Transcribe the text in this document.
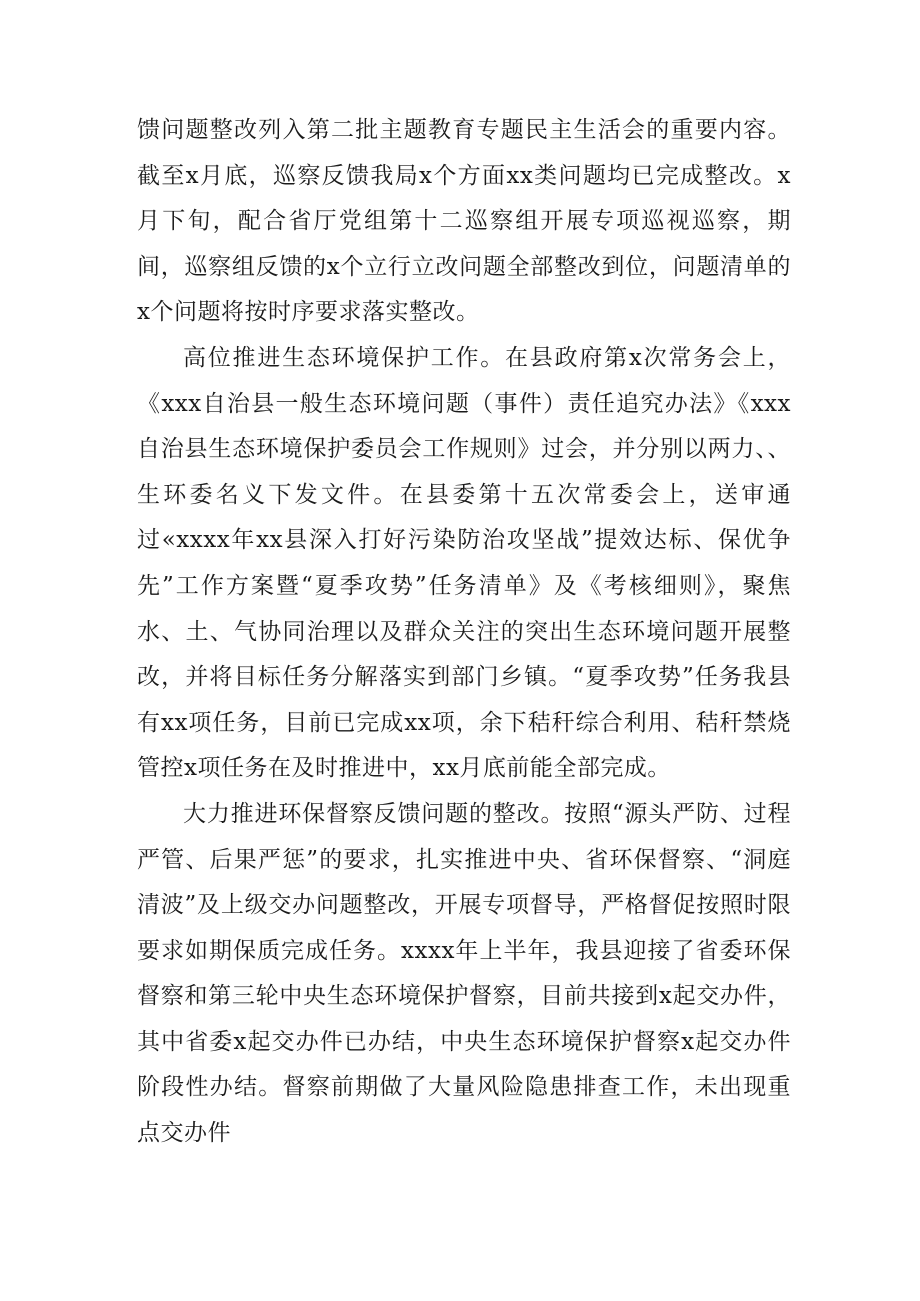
馈问题整改列入第二批主题教育专题民主生活会的重要内容。截至x月底，巡察反馈我局x个方面xx类问题均已完成整改。x月下旬，配合省厅党组第十二巡察组开展专项巡视巡察，期间，巡察组反馈的x个立行立改问题全部整改到位，问题清单的x个问题将按时序要求落实整改。

高位推进生态环境保护工作。在县政府第x次常务会上，《xxx自治县一般生态环境问题（事件）责任追究办法》《xxx自治县生态环境保护委员会工作规则》过会，并分别以两力、、生环委名义下发文件。在县委第十五次常委会上，送审通过«xxxx年xx县深入打好污染防治攻坚战”提效达标、保优争先”工作方案暨“夏季攻势”任务清单》及《考核细则》，聚焦水、土、气协同治理以及群众关注的突出生态环境问题开展整改，并将目标任务分解落实到部门乡镇。“夏季攻势”任务我县有xx项任务，目前已完成xx项，余下秸秆综合利用、秸秆禁烧管控x项任务在及时推进中，xx月底前能全部完成。

大力推进环保督察反馈问题的整改。按照“源头严防、过程严管、后果严惩”的要求，扎实推进中央、省环保督察、“洞庭清波”及上级交办问题整改，开展专项督导，严格督促按照时限要求如期保质完成任务。xxxx年上半年，我县迎接了省委环保督察和第三轮中央生态环境保护督察，目前共接到x起交办件，其中省委x起交办件已办结，中央生态环境保护督察x起交办件阶段性办结。督察前期做了大量风险隐患排查工作，未出现重点交办件
